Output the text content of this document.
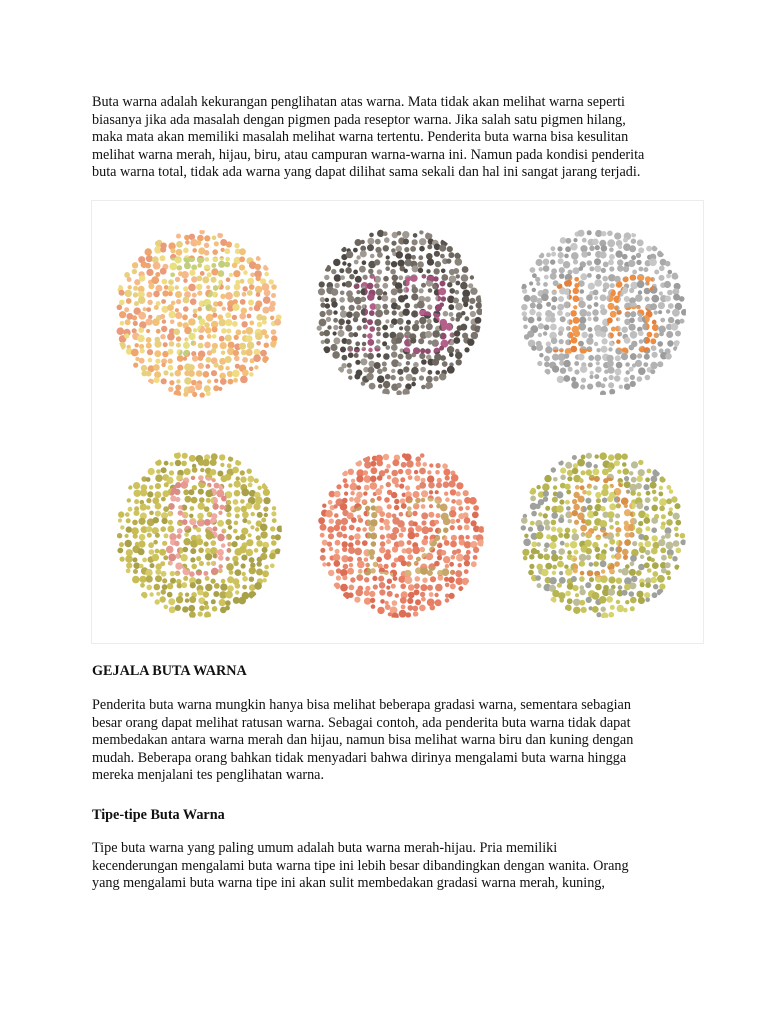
Buta warna adalah kekurangan penglihatan atas warna. Mata tidak akan melihat warna seperti
biasanya jika ada masalah dengan pigmen pada reseptor warna. Jika salah satu pigmen hilang,
maka mata akan memiliki masalah melihat warna tertentu. Penderita buta warna bisa kesulitan
melihat warna merah, hijau, biru, atau campuran warna-warna ini. Namun pada kondisi penderita
buta warna total, tidak ada warna yang dapat dilihat sama sekali dan hal ini sangat jarang terjadi.

7 13
8	9
GEJALA BUTA WARNA

Penderita buta warna mungkin hanya bisa melihat beberapa gradasi warna, sementara sebagian
besar orang dapat melihat ratusan warna. Sebagai contoh, ada penderita buta warna tidak dapat
membedakan antara warna merah dan hijau, namun bisa melihat warna biru dan kuning dengan
mudah. Beberapa orang bahkan tidak menyadari bahwa dirinya mengalami buta warna hingga
mereka menjalani tes penglihatan warna.

Tipe-tipe Buta Warna

Tipe buta warna yang paling umum adalah buta warna merah-hijau. Pria memiliki
kecenderungan mengalami buta warna tipe ini lebih besar dibandingkan dengan wanita. Orang
yang mengalami buta warna tipe ini akan sulit membedakan gradasi warna merah, kuning,
